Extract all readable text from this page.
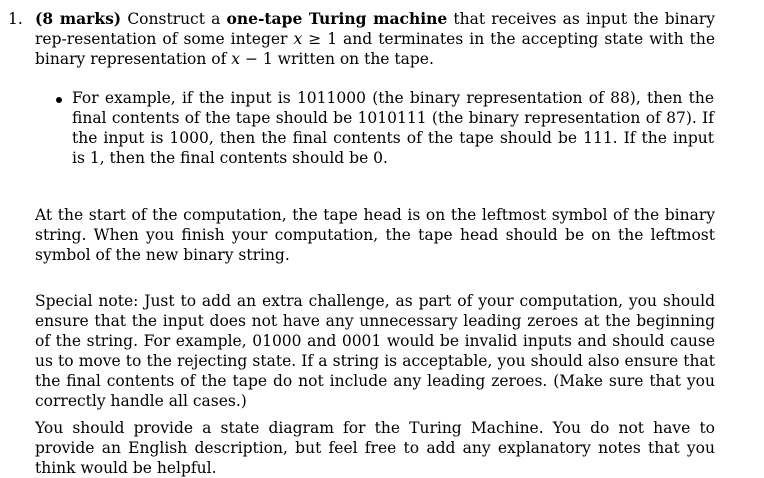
1. (8 marks) Construct a one-tape Turing machine that receives as input the binary rep-resentation of some integer x ≥ 1 and terminates in the accepting state with the binary representation of x − 1 written on the tape.

For example, if the input is 1011000 (the binary representation of 88), then the final contents of the tape should be 1010111 (the binary representation of 87). If the input is 1000, then the final contents of the tape should be 111. If the input is 1, then the final contents should be 0.

At the start of the computation, the tape head is on the leftmost symbol of the binary string. When you finish your computation, the tape head should be on the leftmost symbol of the new binary string.

Special note: Just to add an extra challenge, as part of your computation, you should ensure that the input does not have any unnecessary leading zeroes at the beginning of the string. For example, 01000 and 0001 would be invalid inputs and should cause us to move to the rejecting state. If a string is acceptable, you should also ensure that the final contents of the tape do not include any leading zeroes. (Make sure that you correctly handle all cases.)

You should provide a state diagram for the Turing Machine. You do not have to provide an English description, but feel free to add any explanatory notes that you think would be helpful.
